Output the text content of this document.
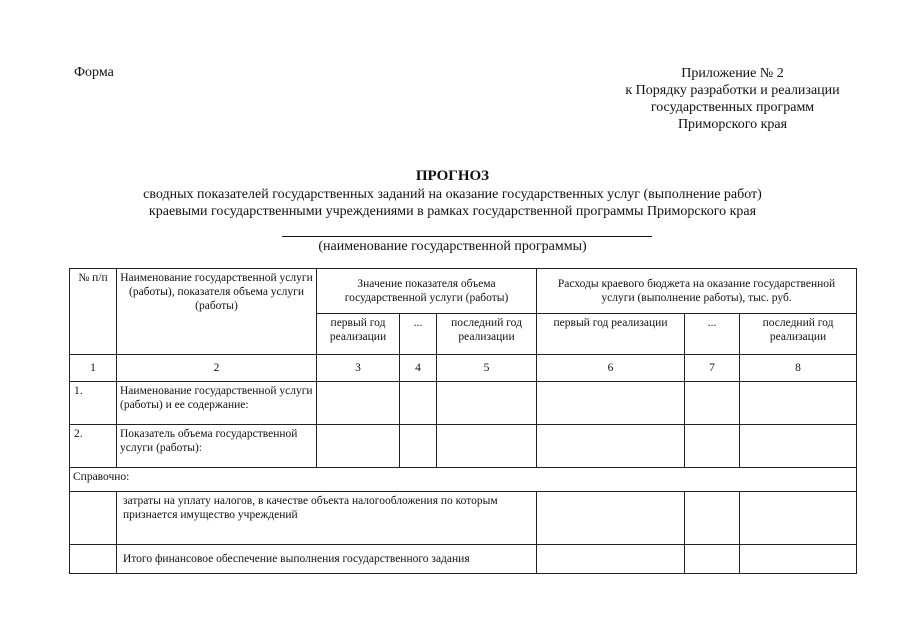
Форма	Приложение № 2
к Порядку разработки и реализации
государственных программ
Приморского края
ПРОГНОЗ
сводных показателей государственных заданий на оказание государственных услуг (выполнение работ)
краевыми государственными учреждениями в рамках государственной программы Приморского края
(наименование государственной программы)
№ п/п	Наименование государственной услуги (работы), показателя объема услуги (работы)	Значение показателя объема государственной услуги (работы)			Расходы краевого бюджета на оказание государственной услуги (выполнение работы), тыс. руб.		
		первый год реализации	...	последний год реализации	первый год реализации	...	последний год реализации
1	2	3	4	5	6	7	8
1.	Наименование государственной услуги (работы) и ее содержание:						
2.	Показатель объема государственной услуги (работы):						
Справочно:							
	затраты на уплату налогов, в качестве объекта налогообложения по которым признается имущество учреждений						
	Итого финансовое обеспечение выполнения государственного задания						
